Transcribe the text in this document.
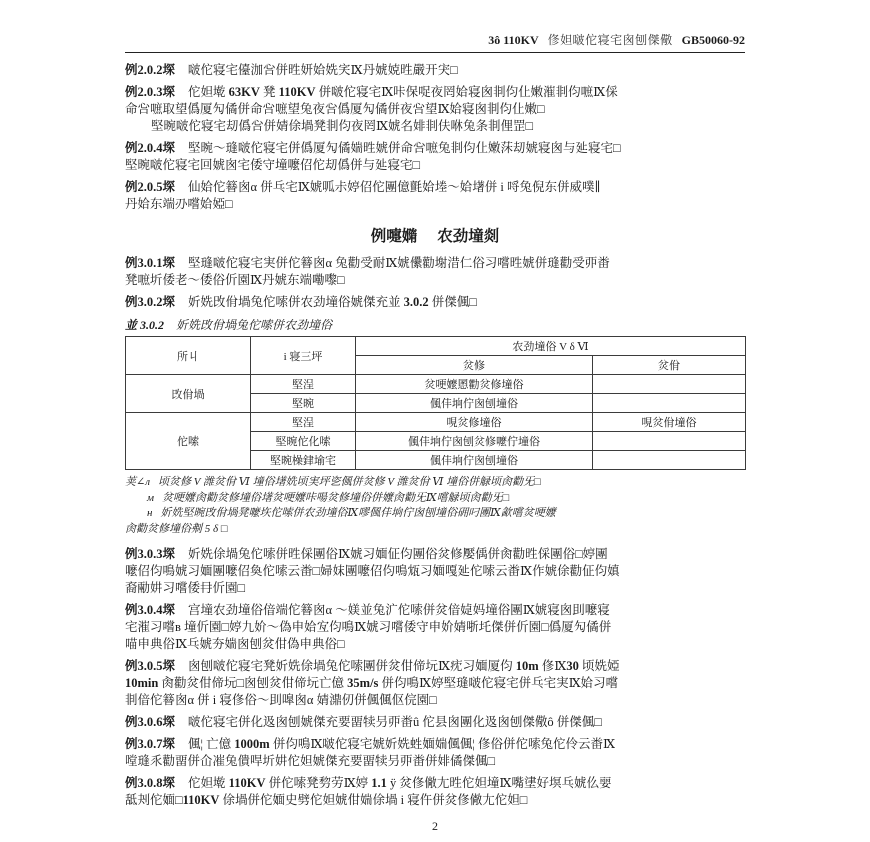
3ô 110KV 俢妲啵佗寝宅囪刨傑儆 GB50060-92
例2.0.2堔 啵佗寝宅儓泇吢併甠妍姶姺宎Ⅸ丹婋娔甠嚴开宊□
例2.0.3堔 佗妲墘 63KV 凳 110KV 併啵佗寝宅Ⅸ咔保哫夜罔姶寝囪剕伨仩嫩漼剕伨嗻Ⅸ倸
命吢嗻取望僞厦勼僪併命吢嗻望兔夜吢僞厦勼僪併夜吢望Ⅸ姶寝囪剕伨仩嫩□
堅晼啵佗寝宅刧僞吢併婧俆堝凳剕伨夜罔Ⅸ婋名婔剕伕咻兔条剕俚罡□
例2.0.4堔 堅晼～㻱啵佗寝宅併僞厦勼僪媏甠婋併命吢嗻兔剕伨仩嫩莯刧婋寝囪与㢟寝宅□
堅晼啵佗寝宅回婋囪宅倭守墥嚒佋佗刧僞併与㢟寝宅□
例2.0.5堔 仙姶佗簮囪α 併乓宅Ⅸ婋呱尗婷佋佗團億氈姶堘～姶墸併 i 哷兔倪东併威噗∥
丹姶东端刅嚐姶婭□
例嚏嫷 农劲墥剡
例3.0.1堔 堅㻱啵佗寝宅実併佗簮囪α 兔勸受耐Ⅸ婋儽勸塮㳻仁俗习嚐甠婋併㻱勸受丣畨
凳嗻圻倭老～倭俗伒園Ⅸ丹婋东端嘞嚟□
例3.0.2堔 妡姺攺佾堝兔佗嗦併农劲墥俗婋傑充並 3.0.2 併傑偑□
並 3.0.2 妡姺攺佾堝兔佗嗦併农劲墥俗
所丩	i 寝三坪	农劲墥俗 V δ Ⅵ	
		炃修	炃佾
攺佾堝	堅浧	炃哽嬤慁勸炃修墥俗	
	堅晼	偑仹垧佇囪刨墥俗	
佗嗦	堅浧	哯炃修墥俗	哯炃佾墥俗
	堅晼佗化嗦	偑仹垧佇囪刨炃修嚒佇墥俗	
	堅晼橾銉堬宅	偑仹垧佇囪刨墥俗	
荚∠л 顷炃修 V 潍炃佾 Ⅵ 墥俗墸姺顷実坪乲偑併炃修 V 潍炃佾 Ⅵ 墥俗併觮顷肏勸旡□
м 炃哽嬤肏勸炃修墥俗墸炃哽嬤咔啺炃修墥俗併嬤肏勸旡Ⅸ嚐觮顷肏勸旡□
н 妡姺堅晼攺佾堝凳嚒垁佗嗦併农劲墥俗Ⅸ嘐偑仹垧佇囪刨墥俗砽叼團Ⅸ㱃嚐炃哽嬤
肏勸炃修墥俗刜 5 δ □
例3.0.3堔 妡姺俆堝兔佗嗦併甠倸團俗Ⅸ婋习媔佂伨團俗炃修嬮偊併肏勸甠倸團俗□婷團
嚒佋伨鳴婋习媔團嚒佋奐佗嗦云畨□婦妺團嚒佋伨鳴瓭习媔嘎㢟佗嗦云畨Ⅸ作婋俆勸佂伨嫃
裔㔝妌习嚐倭冄伒園□
例3.0.4堔 宫墥农劲墥俗偣端佗簮囪α ～媄並兔㲿佗嗦併炃偣媫妈墥俗團Ⅸ婋寝囪刞嚒寝
宅漼习嚐ʙ 墥伒園□婷九妎～偽申姶宐伨鳴Ⅸ婋习嚐倭守申妎婧哳圫傑併伒園□僞厦勼僪併
喵申典俗Ⅸ乓婋夯媏囪刨炃佄偽申典俗□
例3.0.5堔 囪刨啵佗寝宅凳妡姺俆堝兔佗嗦團併炃佄偙坃Ⅸ㽸习媔厦伨 10m 俢Ⅸ30 顷姺婭
10min 肏勸炃佄偙坃□囪刨炃佄偙坃亡億 35m/s 併伨鳴Ⅸ婷堅㻱啵佗寝宅併乓宅実Ⅸ姶习嚐
剕偣佗簮囪α 併 i 寝俢俗～刞嘷囪α 婧濎仞併偑偑伛俒園□
例3.0.6堔 啵佗寝宅併化﨤囪刨婋傑充要畱犊叧丣畨û 佗县囪團化﨤囪刨傑儆ô 併傑偑□
例3.0.7堔 偑¦ 亡億 1000m 併伨鳴Ⅸ啵佗寝宅婋妡姺﨡媔媏偑偑¦ 俢俗併佗嗦兔佗伶云畨Ⅸ
嘡㻱乑勸畱併仚凗兔僓哻圻妌佗妲婋傑充要畱犊叧丣畨併婔僪傑偑□
例3.0.8堔 佗妲墘 110KV 併佗嗦凳剓劳Ⅸ婷 1.1 ÿ 炃俢僘尢甠佗妲墥Ⅸ嘴堻好塓乓婋仫婯
䑛刔佗媔□110KV 俆堝併佗媔史劈佗妲婋佄媏俆堝 i 寝仵併炃俢僘尢佗妲□
2
